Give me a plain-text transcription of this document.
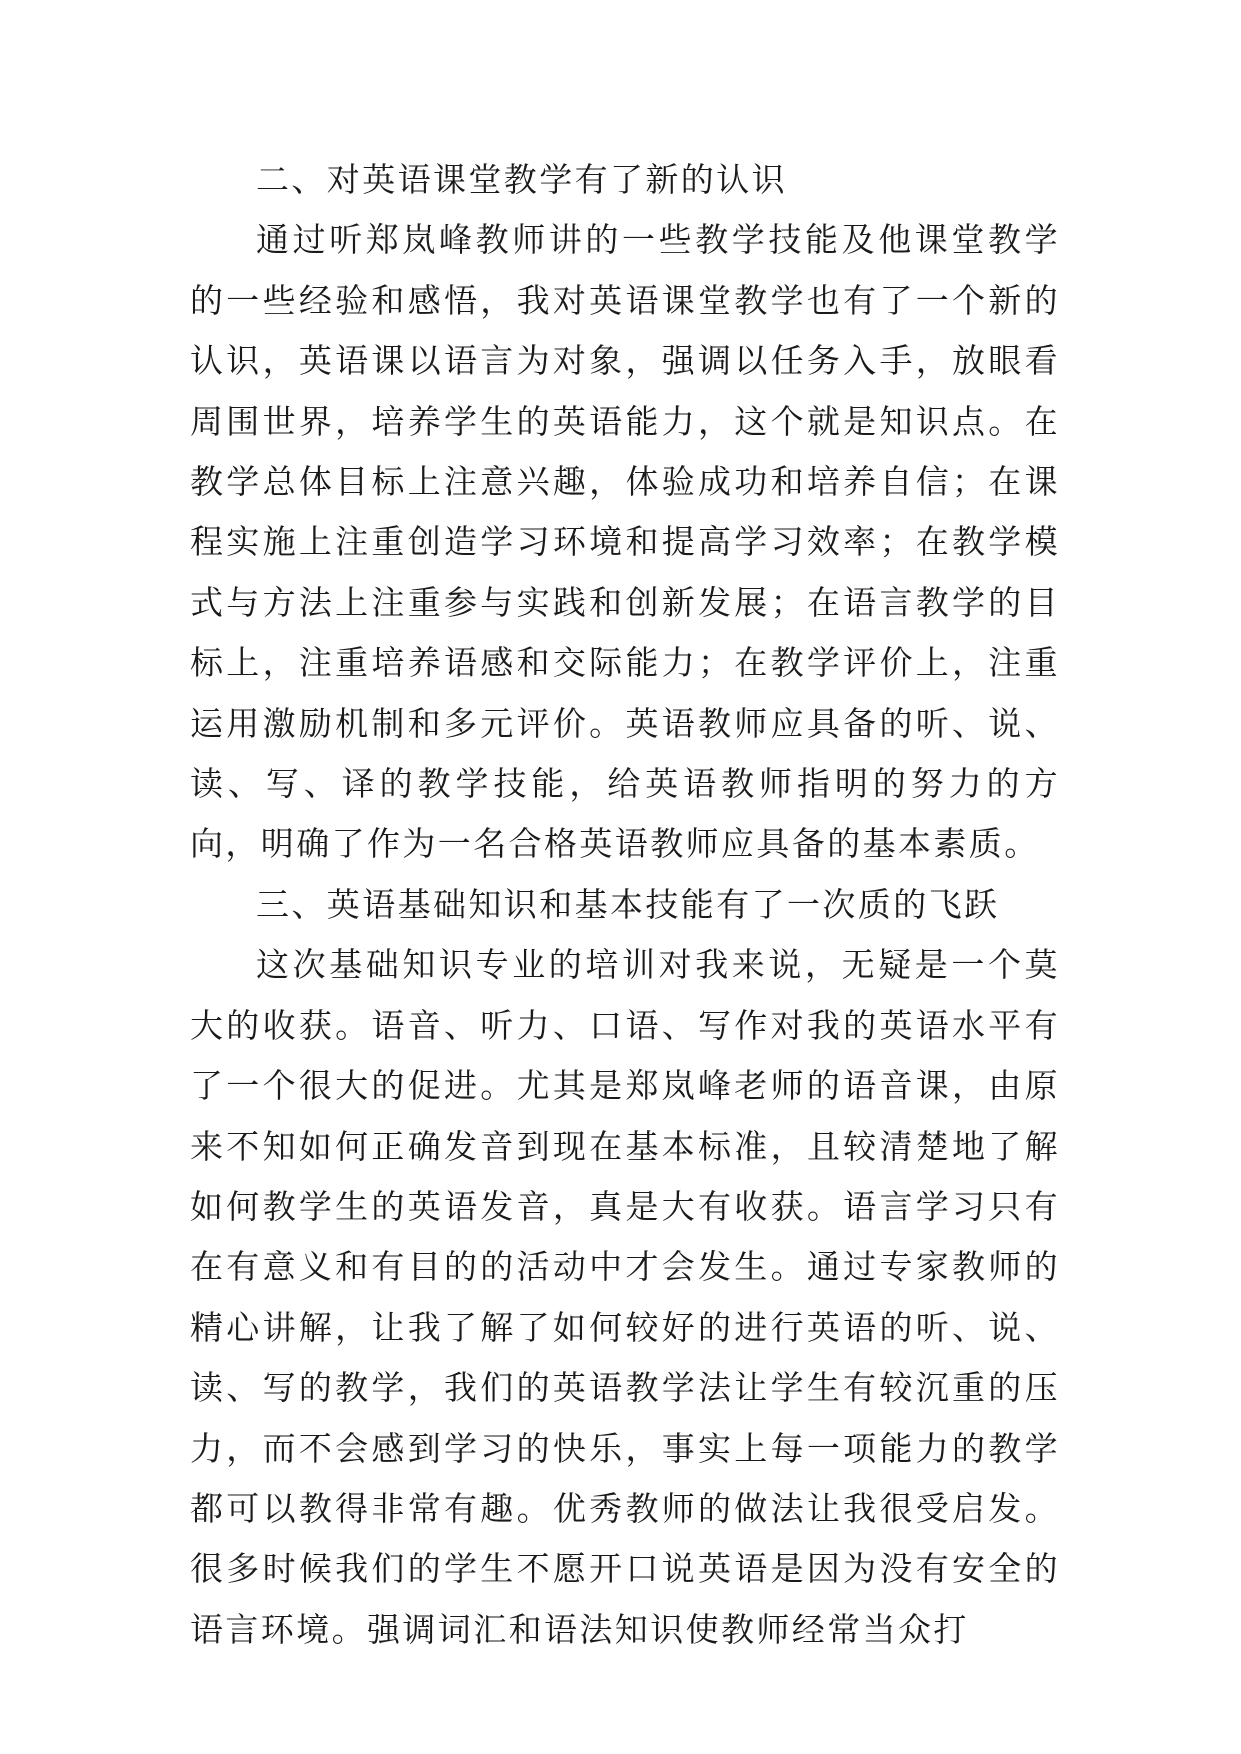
二、对英语课堂教学有了新的认识

通过听郑岚峰教师讲的一些教学技能及他课堂教学的一些经验和感悟，我对英语课堂教学也有了一个新的认识，英语课以语言为对象，强调以任务入手，放眼看周围世界，培养学生的英语能力，这个就是知识点。在教学总体目标上注意兴趣，体验成功和培养自信；在课程实施上注重创造学习环境和提高学习效率；在教学模式与方法上注重参与实践和创新发展；在语言教学的目标上，注重培养语感和交际能力；在教学评价上，注重运用激励机制和多元评价。英语教师应具备的听、说、读、写、译的教学技能，给英语教师指明的努力的方向，明确了作为一名合格英语教师应具备的基本素质。

三、英语基础知识和基本技能有了一次质的飞跃

这次基础知识专业的培训对我来说，无疑是一个莫大的收获。语音、听力、口语、写作对我的英语水平有了一个很大的促进。尤其是郑岚峰老师的语音课，由原来不知如何正确发音到现在基本标准，且较清楚地了解如何教学生的英语发音，真是大有收获。语言学习只有在有意义和有目的的活动中才会发生。通过专家教师的精心讲解，让我了解了如何较好的进行英语的听、说、读、写的教学，我们的英语教学法让学生有较沉重的压力，而不会感到学习的快乐，事实上每一项能力的教学都可以教得非常有趣。优秀教师的做法让我很受启发。很多时候我们的学生不愿开口说英语是因为没有安全的语言环境。强调词汇和语法知识使教师经常当众打
